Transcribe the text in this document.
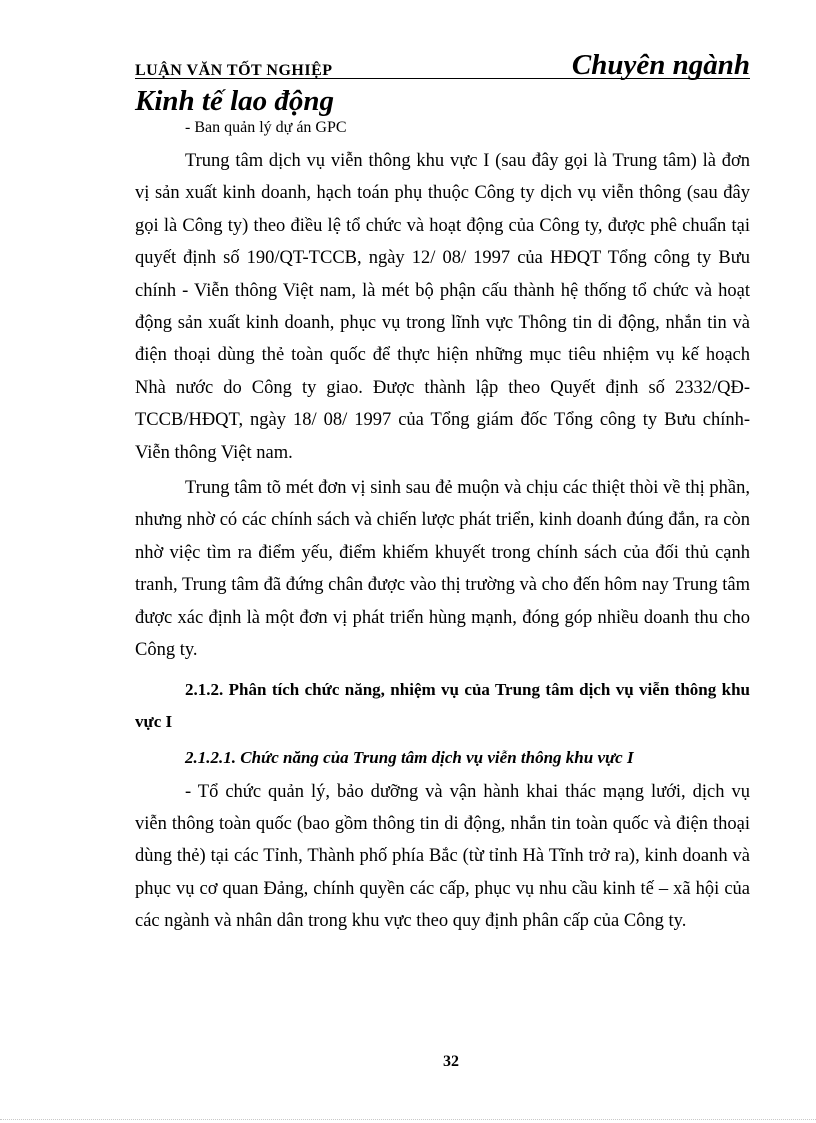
LUẬN VĂN TỐT NGHIỆP	Chuyên ngành
Kinh tế lao động
- Ban quản lý dự án GPC

Trung tâm dịch vụ viễn thông khu vực I (sau đây gọi là Trung tâm) là đơn vị sản xuất kinh doanh, hạch toán phụ thuộc Công ty dịch vụ viễn thông (sau đây gọi là Công ty) theo điều lệ tổ chức và hoạt động của Công ty, được phê chuẩn tại quyết định số 190/QT-TCCB, ngày 12/ 08/ 1997 của HĐQT Tổng công ty Bưu chính - Viễn thông Việt nam, là mét bộ phận cấu thành hệ thống tổ chức và hoạt động sản xuất kinh doanh, phục vụ trong lĩnh vực Thông tin di động, nhắn tin và điện thoại dùng thẻ toàn quốc để thực hiện những mục tiêu nhiệm vụ kế hoạch Nhà nước do Công ty giao. Được thành lập theo Quyết định số 2332/QĐ- TCCB/HĐQT, ngày 18/ 08/ 1997 của Tổng giám đốc Tổng công ty Bưu chính- Viễn thông Việt nam.

Trung tâm tõ mét đơn vị sinh sau đẻ muộn và chịu các thiệt thòi về thị phần, nhưng nhờ có các chính sách và chiến lược phát triển, kinh doanh đúng đắn, ra còn nhờ việc tìm ra điểm yếu, điểm khiếm khuyết trong chính sách của đối thủ cạnh tranh, Trung tâm đã đứng chân được vào thị trường và cho đến hôm nay Trung tâm được xác định là một đơn vị phát triển hùng mạnh, đóng góp nhiều doanh thu cho Công ty.

2.1.2. Phân tích chức năng, nhiệm vụ của Trung tâm dịch vụ viễn thông khu vực I
2.1.2.1. Chức năng của Trung tâm dịch vụ viễn thông khu vực I

- Tổ chức quản lý, bảo dưỡng và vận hành khai thác mạng lưới, dịch vụ viễn thông toàn quốc (bao gồm thông tin di động, nhắn tin toàn quốc và điện thoại dùng thẻ) tại các Tỉnh, Thành phố phía Bắc (từ tỉnh Hà Tĩnh trở ra), kinh doanh và phục vụ cơ quan Đảng, chính quyền các cấp, phục vụ nhu cầu kinh tế – xã hội của các ngành và nhân dân trong khu vực theo quy định phân cấp của Công ty.

32
